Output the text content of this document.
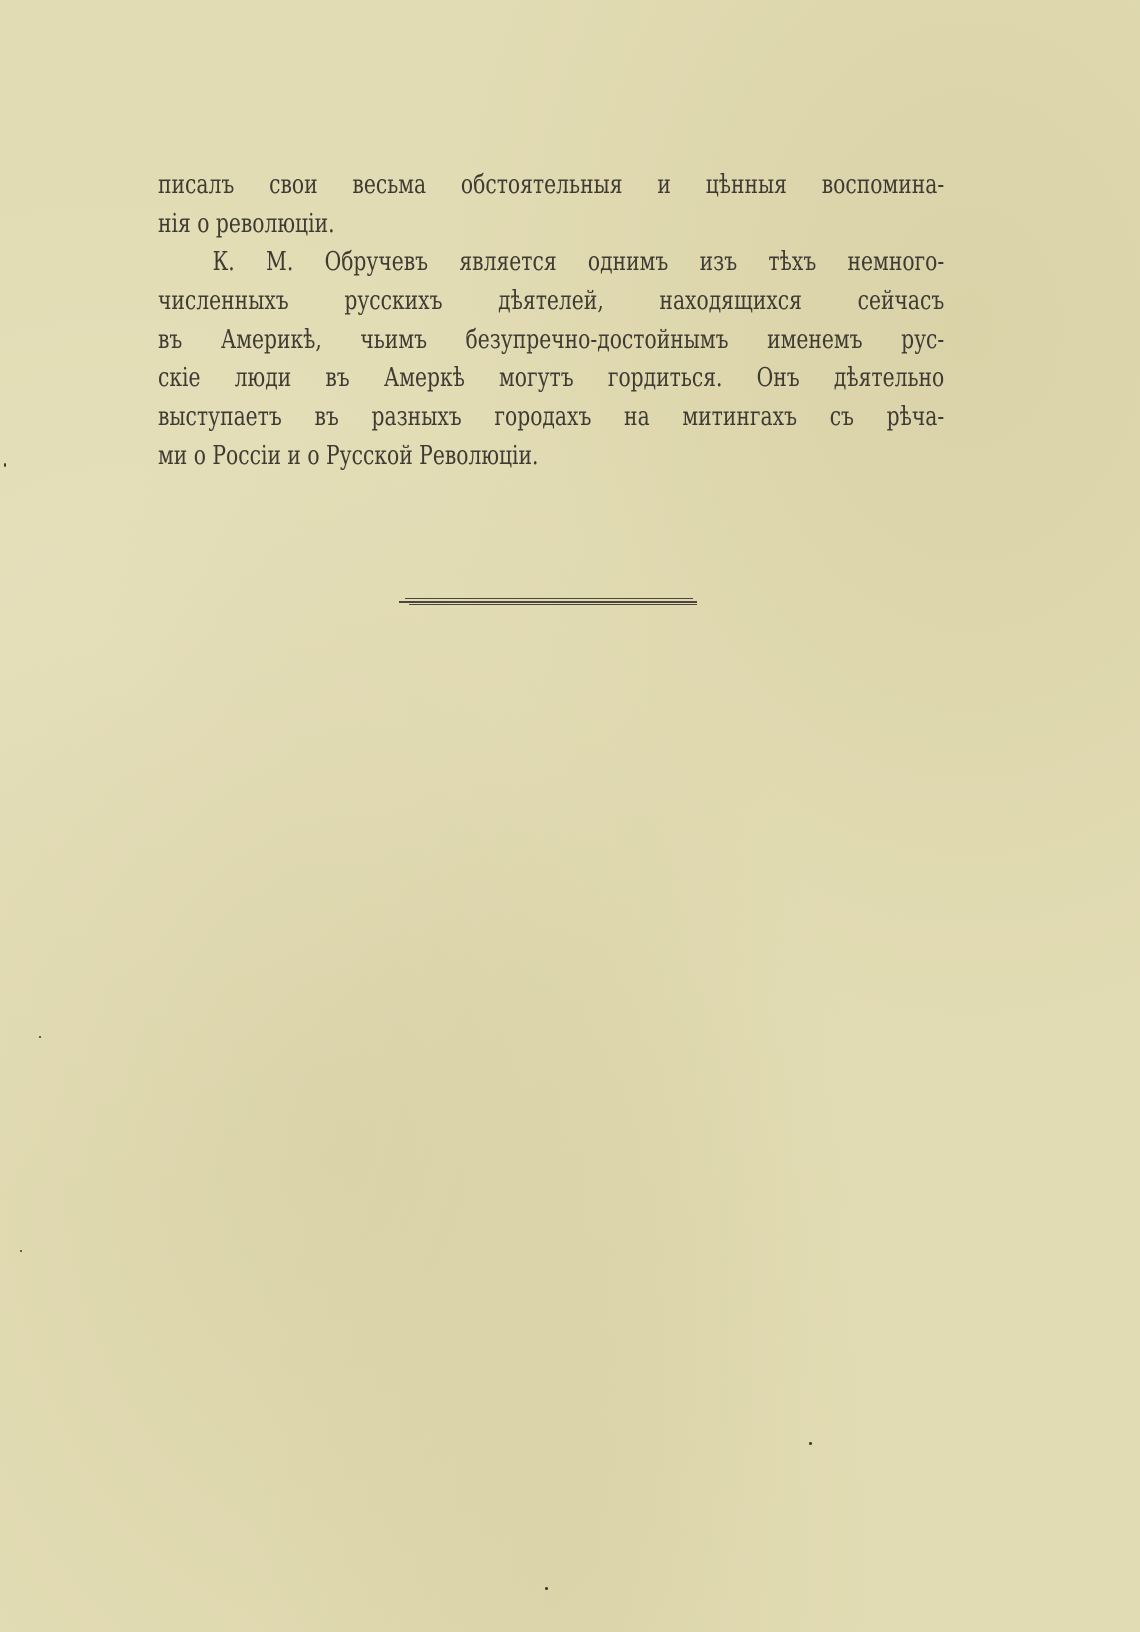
писалъ свои весьма обстоятельныя и цѣнныя воспомина-
нія о революціи.
К. М. Обручевъ является однимъ изъ тѣхъ немного-
численныхъ русскихъ дѣятелей, находящихся сейчасъ
въ Америкѣ, чьимъ безупречно-достойнымъ именемъ рус-
скіе люди въ Амеркѣ могутъ гордиться. Онъ дѣятельно
выступаетъ въ разныхъ городахъ на митингахъ съ рѣча-
ми о Россіи и о Русской Революціи.
